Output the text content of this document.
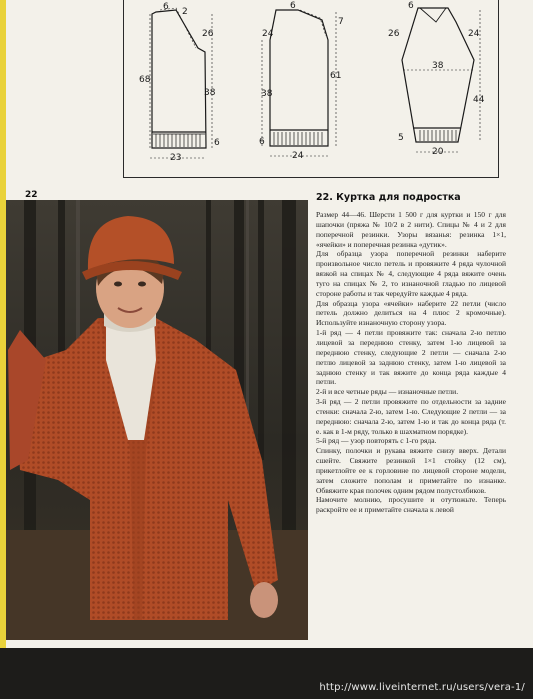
6 2
26
68
38
6
23
6
7
24
38
61
6
24
6
26	24
38
44
5
20
22	22. Куртка для подростка

Размер 44—46. Шерсти 1 500 г для куртки и 150 г для шапочки (пряжа № 10/2 в 2 нити). Спицы № 4 и 2 для поперечной резинки. Узоры вязанья: резинка 1×1, «ячейки» и поперечная резинка «дутик».

Для образца узора поперечной резинки наберите произвольное число петель и провяжите 4 ряда чулочной вязкой на спицах № 4, следующие 4 ряда вяжите очень туго на спицах № 2, то изнаночной гладью по лицевой стороне работы и так чередуйте каждые 4 ряда.

Для образца узора «ячейки» наберите 22 петли (число петель должно делиться на 4 плюс 2 кромочные). Используйте изнаночную сторону узора.

1-й ряд — 4 петли провяжите так: сначала 2-ю петлю лицевой за переднюю стенку, затем 1-ю лицевой за переднюю стенку, следующие 2 петли — сначала 2-ю петлю лицевой за заднюю стенку, затем 1-ю лицевой за заднюю стенку и так вяжите до конца ряда каждые 4 петли.

2-й и все четные ряды — изнаночные петли.

3-й ряд — 2 петли провяжите по отдельности за задние стенки: сначала 2-ю, затем 1-ю. Следующие 2 петли — за переднюю: сначала 2-ю, затем 1-ю и так до конца ряда (т. е. как в 1-м ряду, только в шахматном порядке).

5-й ряд — узор повторять с 1-го ряда.

Спинку, полочки и рукава вяжите снизу вверх. Детали сшейте. Свяжите резинкой 1×1 стойку (12 см), прикетлойте ее к горловине по лицевой стороне модели, затем сложите пополам и приметайте по изнанке. Обвяжите края полочек одним рядом полустолбиков.

Намочите молнию, просушите и отутюжьте. Теперь раскройте ее и приметайте сначала к левой

http://www.liveinternet.ru/users/vera-1/
